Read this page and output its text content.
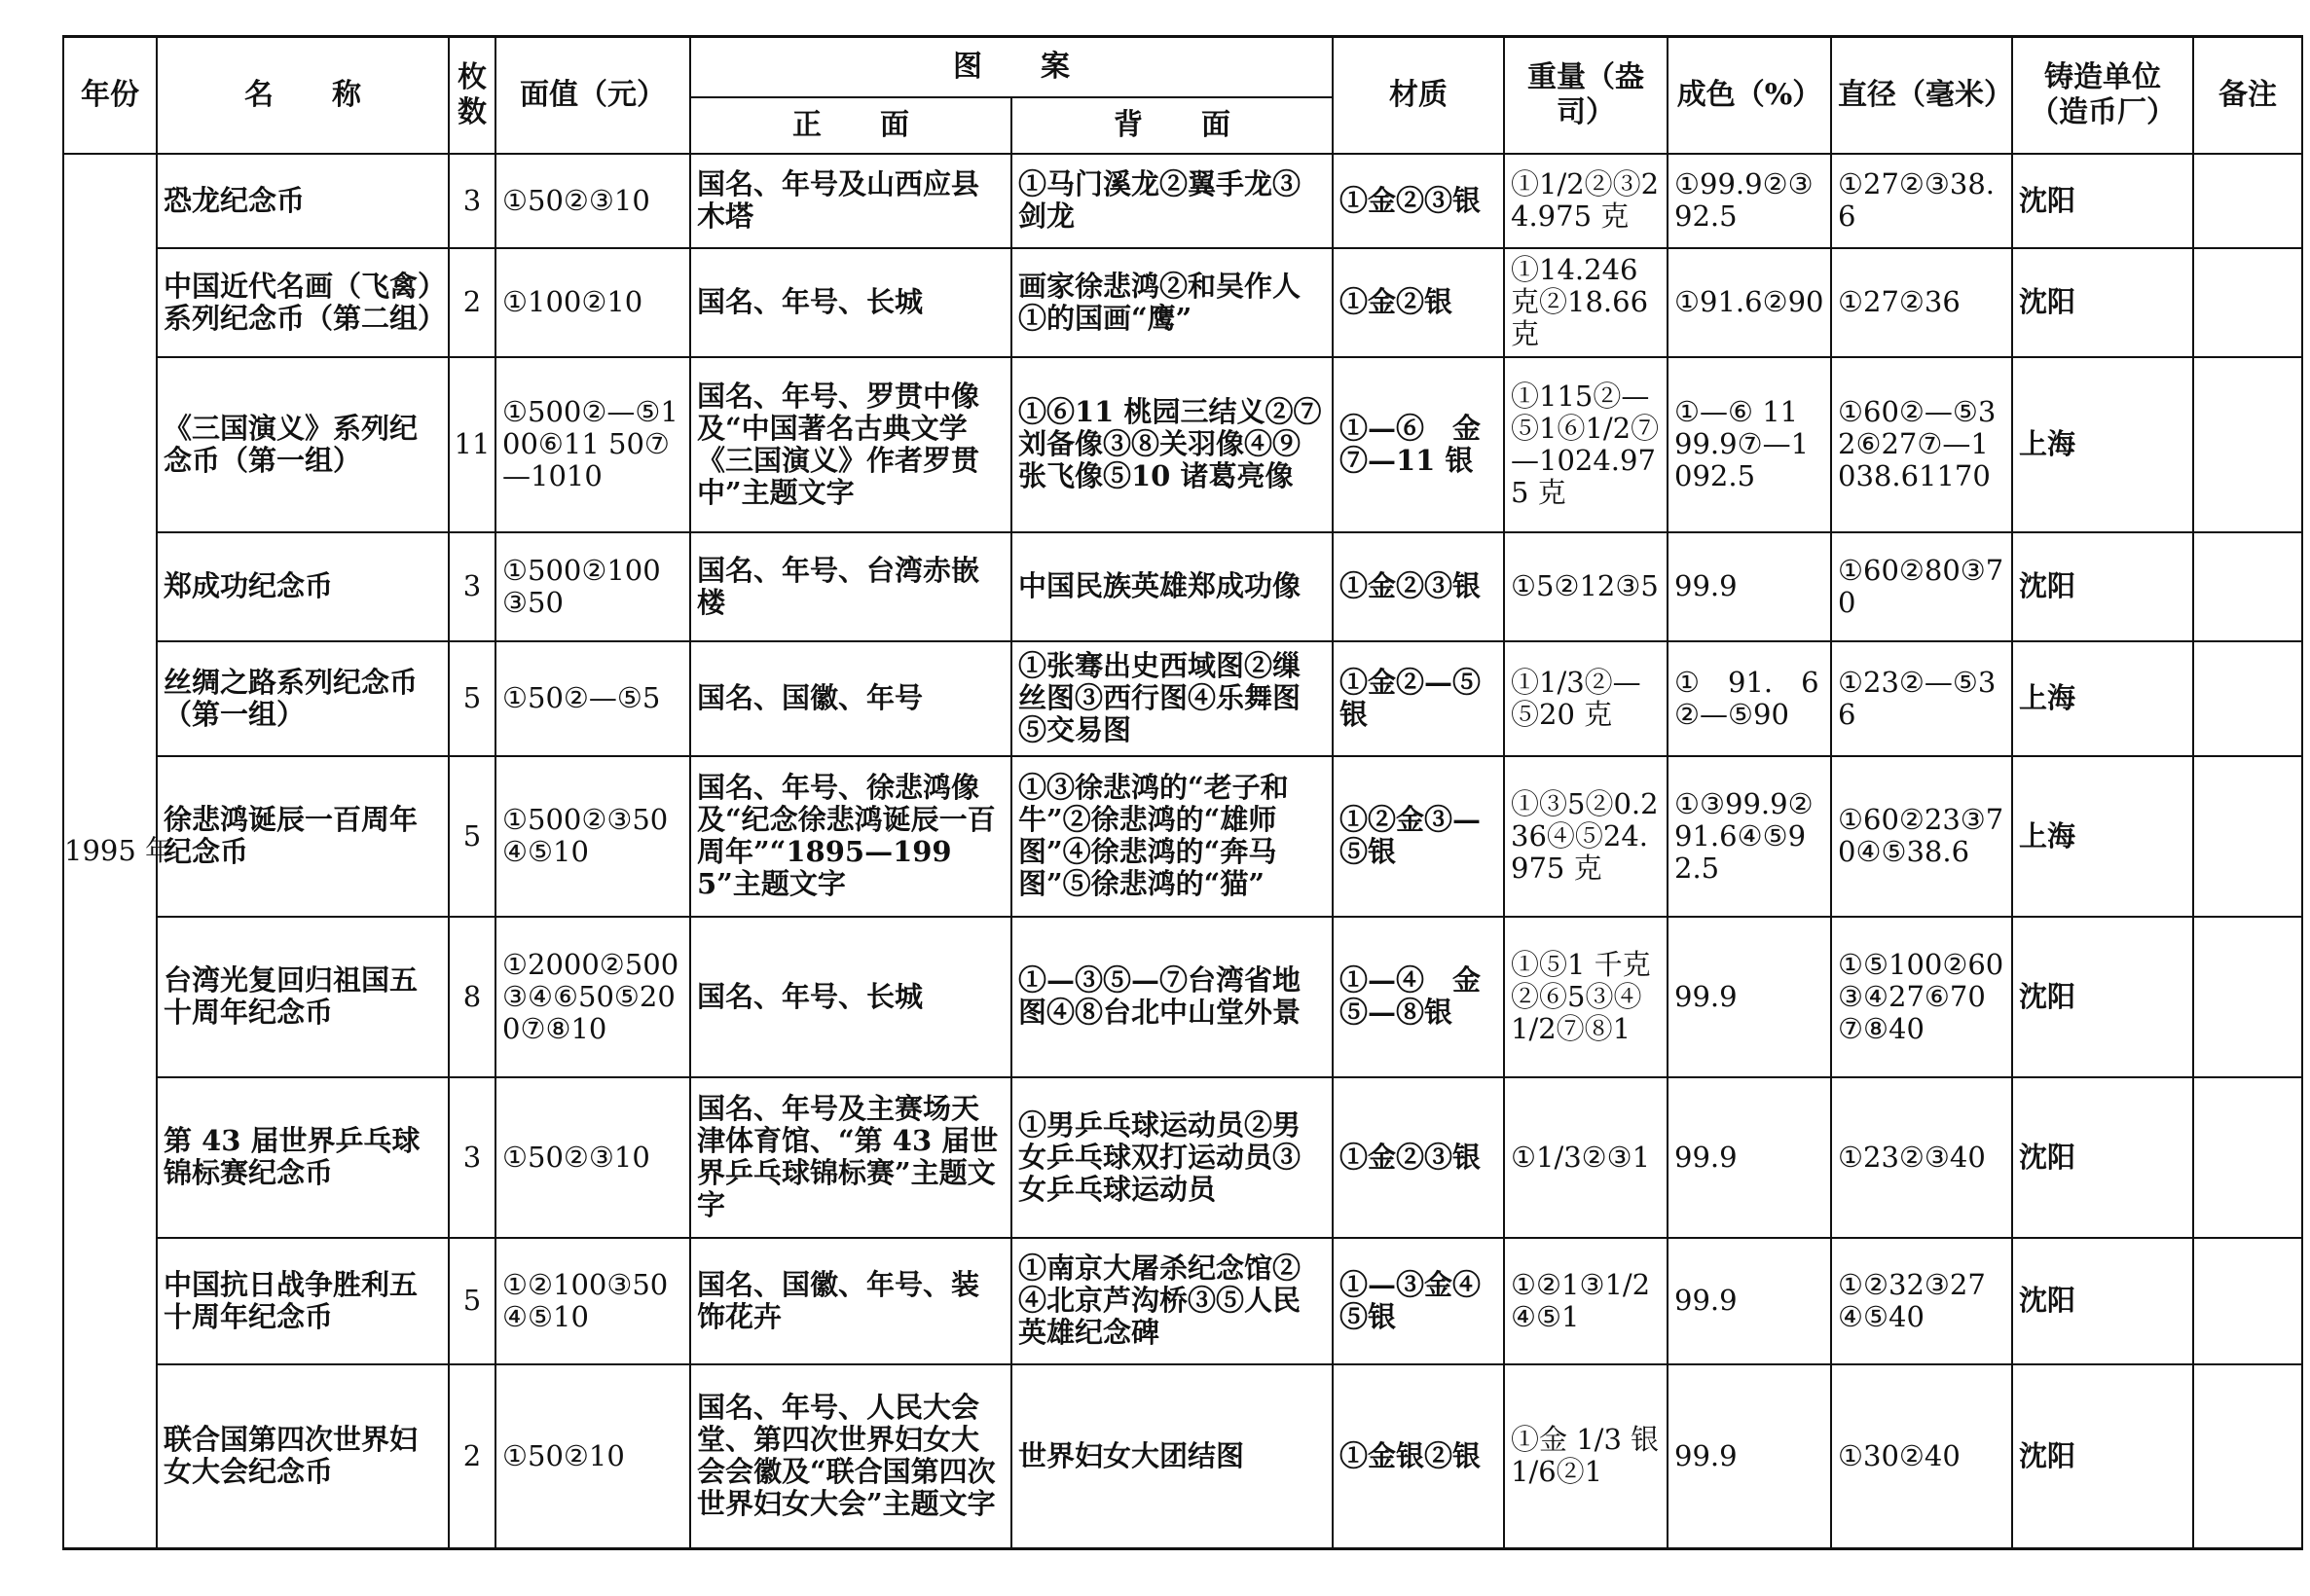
年份	名　　称	枚数	面值（元）	图　　案		材质	重量（盎司）	成色（%）	直径（毫米）	铸造单位（造币厂）	备注
				正　　面	背　　面						
1995 年	恐龙纪念币	3	①50②③10	国名、年号及山西应县木塔	①马门溪龙②翼手龙③剑龙	①金②③银	①1/2②③24.975 克	①99.9②③92.5	①27②③38.6	沈阳	
	中国近代名画（飞禽）系列纪念币（第二组）	2	①100②10	国名、年号、长城	画家徐悲鸿②和吴作人①的国画“鹰”	①金②银	①14.246 克②18.66 克	①91.6②90	①27②36	沈阳	
	《三国演义》系列纪念币（第一组）	11	①500②—⑤100⑥11 50⑦—1010	国名、年号、罗贯中像及“中国著名古典文学《三国演义》作者罗贯中”主题文字	①⑥11 桃园三结义②⑦刘备像③⑧关羽像④⑨张飞像⑤10 诸葛亮像	①—⑥　金⑦—11 银	①115②—⑤1⑥1/2⑦—1024.975 克	①—⑥ 11 99.9⑦—1092.5	①60②—⑤32⑥27⑦—1038.61170	上海	
	郑成功纪念币	3	①500②100③50	国名、年号、台湾赤嵌楼	中国民族英雄郑成功像	①金②③银	①5②12③5	99.9	①60②80③70	沈阳	
	丝绸之路系列纪念币（第一组）	5	①50②—⑤5	国名、国徽、年号	①张骞出史西域图②缫丝图③西行图④乐舞图⑤交易图	①金②—⑤银	①1/3②—⑤20 克	①　91.　6②—⑤90	①23②—⑤36	上海	
	徐悲鸿诞辰一百周年纪念币	5	①500②③50④⑤10	国名、年号、徐悲鸿像及“纪念徐悲鸿诞辰一百周年”“1895—1995”主题文字	①③徐悲鸿的“老子和牛”②徐悲鸿的“雄师图”④徐悲鸿的“奔马图”⑤徐悲鸿的“猫”	①②金③—⑤银	①③5②0.236④⑤24.975 克	①③99.9②91.6④⑤92.5	①60②23③70④⑤38.6	上海	
	台湾光复回归祖国五十周年纪念币	8	①2000②500③④⑥50⑤200⑦⑧10	国名、年号、长城	①—③⑤—⑦台湾省地图④⑧台北中山堂外景	①—④　金⑤—⑧银	①⑤1 千克②⑥5③④1/2⑦⑧1	99.9	①⑤100②60③④27⑥70⑦⑧40	沈阳	
	第 43 届世界乒乓球锦标赛纪念币	3	①50②③10	国名、年号及主赛场天津体育馆、“第 43 届世界乒乓球锦标赛”主题文字	①男乒乓球运动员②男女乒乓球双打运动员③女乒乓球运动员	①金②③银	①1/3②③1	99.9	①23②③40	沈阳	
	中国抗日战争胜利五十周年纪念币	5	①②100③50④⑤10	国名、国徽、年号、装饰花卉	①南京大屠杀纪念馆②④北京芦沟桥③⑤人民英雄纪念碑	①—③金④⑤银	①②1③1/2④⑤1	99.9	①②32③27④⑤40	沈阳	
	联合国第四次世界妇女大会纪念币	2	①50②10	国名、年号、人民大会堂、第四次世界妇女大会会徽及“联合国第四次世界妇女大会”主题文字	世界妇女大团结图	①金银②银	①金 1/3 银 1/6②1	99.9	①30②40	沈阳	
